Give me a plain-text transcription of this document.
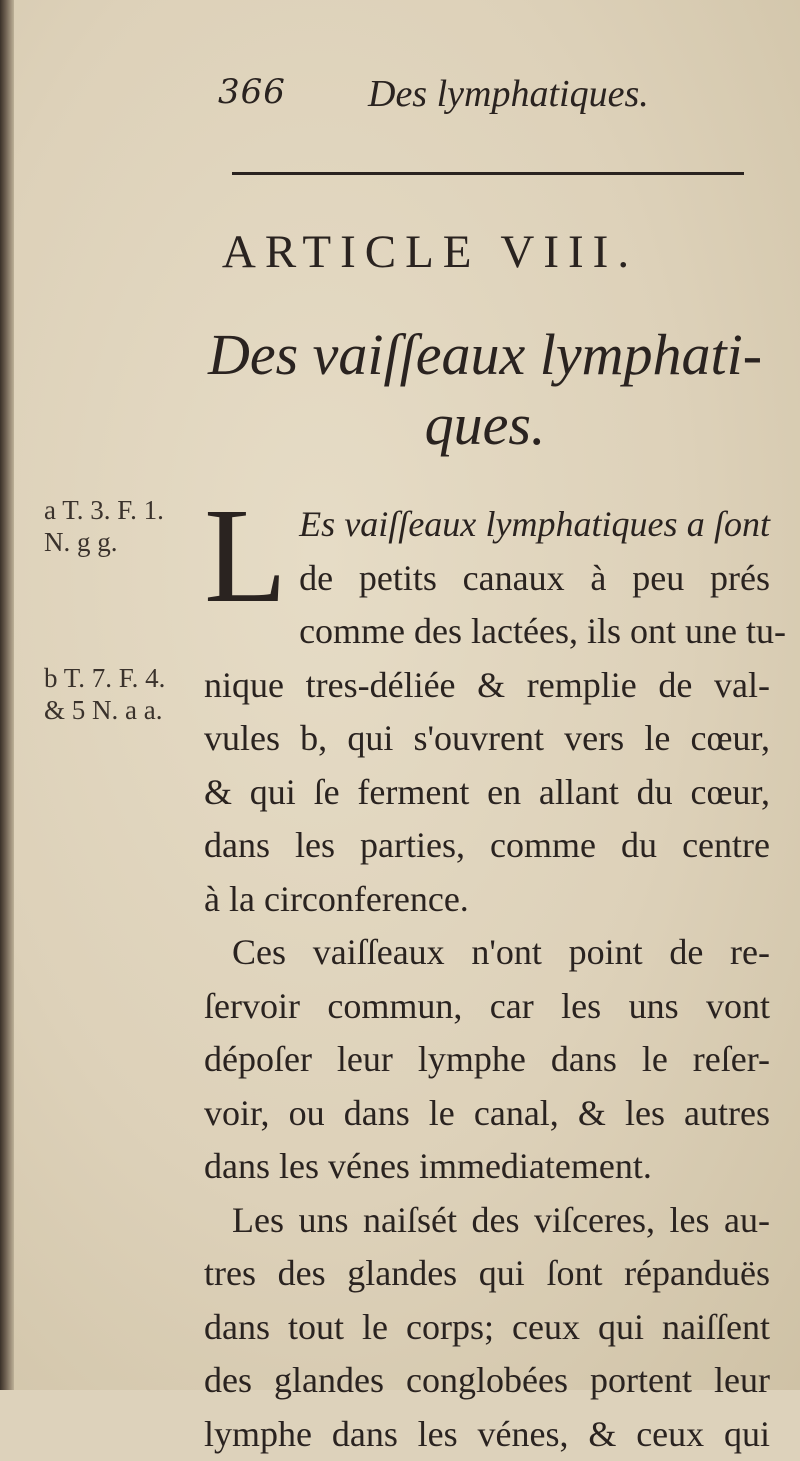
366 Des lymphatiques.
ARTICLE VIII.
Des vaiſſeaux lymphati-
ques.
a T. 3. F. 1.
N. g g.
b T. 7. F. 4.
& 5 N. a a.
L Es vaiſſeaux lymphatiques a ſont
de petits canaux à peu prés
comme des lactées, ils ont une tu-
nique tres-déliée & remplie de val-
vules b, qui s'ouvrent vers le cœur,
& qui ſe ferment en allant du cœur,
dans les parties, comme du centre
à la circonference.
Ces vaiſſeaux n'ont point de re-
ſervoir commun, car les uns vont
dépoſer leur lymphe dans le reſer-
voir, ou dans le canal, & les autres
dans les vénes immediatement.
Les uns naiſsét des viſceres, les au-
tres des glandes qui ſont répanduës
dans tout le corps; ceux qui naiſſent
des glandes conglobées portent leur
lymphe dans les vénes, & ceux qui
